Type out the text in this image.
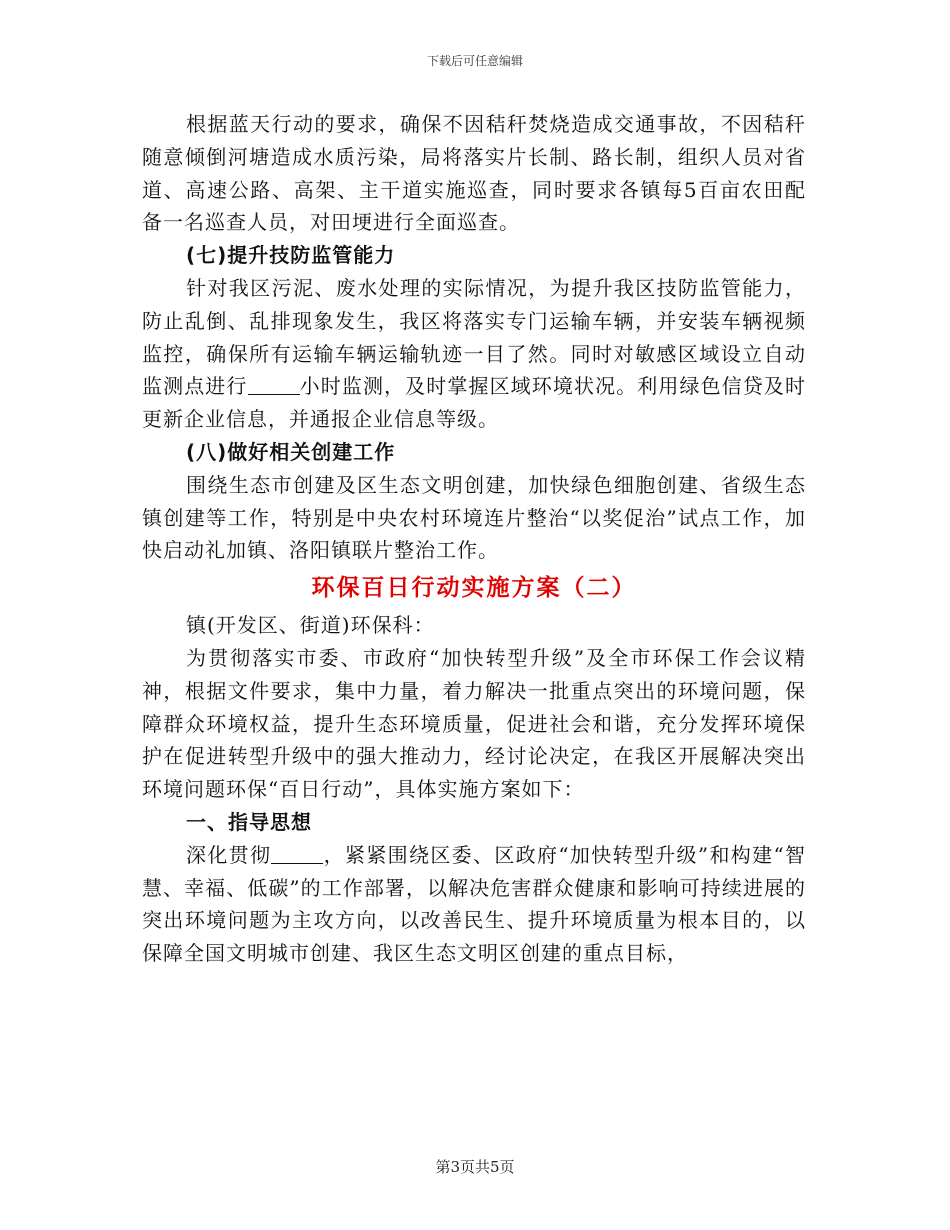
下载后可任意编辑

根据蓝天行动的要求，确保不因秸秆焚烧造成交通事故，不因秸秆随意倾倒河塘造成水质污染，局将落实片长制、路长制，组织人员对省道、高速公路、高架、主干道实施巡查，同时要求各镇每5百亩农田配备一名巡查人员，对田埂进行全面巡查。

(七)提升技防监管能力

针对我区污泥、废水处理的实际情况，为提升我区技防监管能力，防止乱倒、乱排现象发生，我区将落实专门运输车辆，并安装车辆视频监控，确保所有运输车辆运输轨迹一目了然。同时对敏感区域设立自动监测点进行	小时监测，及时掌握区域环境状况。利用绿色信贷及时更新企业信息，并通报企业信息等级。

(八)做好相关创建工作

围绕生态市创建及区生态文明创建，加快绿色细胞创建、省级生态镇创建等工作，特别是中央农村环境连片整治“以奖促治”试点工作，加快启动礼加镇、洛阳镇联片整治工作。

环保百日行动实施方案（二）

镇(开发区、街道)环保科：

为贯彻落实市委、市政府“加快转型升级”及全市环保工作会议精神，根据文件要求，集中力量，着力解决一批重点突出的环境问题，保障群众环境权益，提升生态环境质量，促进社会和谐，充分发挥环境保护在促进转型升级中的强大推动力，经讨论决定，在我区开展解决突出环境问题环保“百日行动”，具体实施方案如下：

一、指导思想

深化贯彻	，紧紧围绕区委、区政府“加快转型升级”和构建“智慧、幸福、低碳”的工作部署，以解决危害群众健康和影响可持续进展的突出环境问题为主攻方向，以改善民生、提升环境质量为根本目的，以保障全国文明城市创建、我区生态文明区创建的重点目标，

第3页共5页
